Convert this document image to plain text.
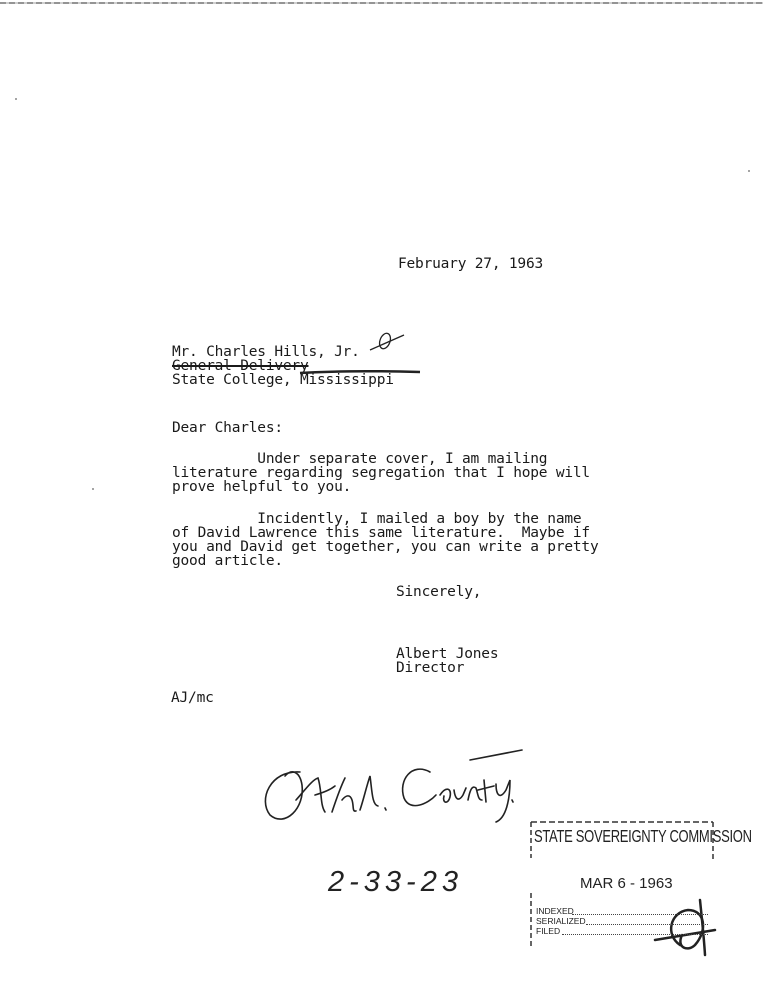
February 27, 1963
Mr. Charles Hills, Jr.
General Delivery
State College, Mississippi
Dear Charles:
Under separate cover, I am mailing
literature regarding segregation that I hope will
prove helpful to you.
Incidently, I mailed a boy by the name
of David Lawrence this same literature.  Maybe if
you and David get together, you can write a pretty
good article.
Sincerely,
Albert Jones
Director
AJ/mc
2-33-23
STATE SOVEREIGNTY COMMISSION
MAR 6 - 1963
INDEXED
SERIALIZED
FILED
